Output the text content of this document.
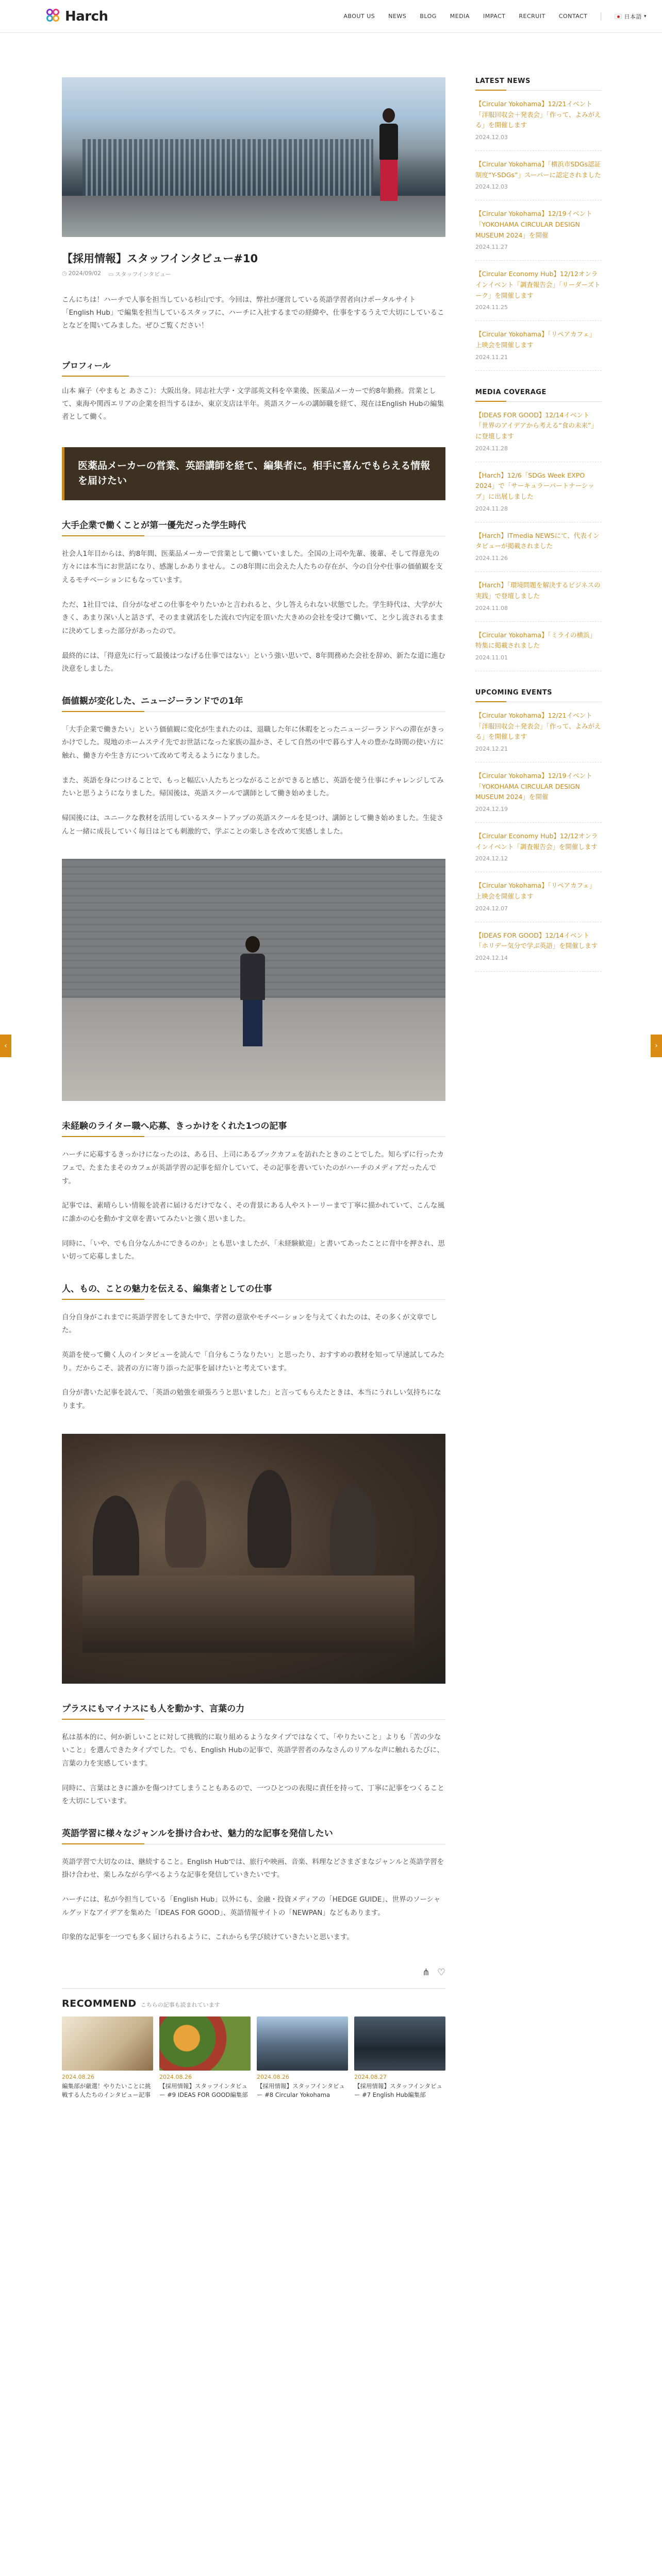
Harch	ABOUT US NEWS BLOG MEDIA IMPACT RECRUIT CONTACT	日本語 ▾
‹	›
【採用情報】スタッフインタビュー#10
◷ 2024/09/02 ▭ スタッフインタビュー

こんにちは！ハーチで人事を担当している杉山です。今回は、弊社が運営している英語学習者向けポータルサイト「English Hub」で編集を担当しているスタッフに、ハーチに入社するまでの経緯や、仕事をするうえで大切にしていることなどを聞いてみました。ぜひご覧ください！

プロフィール

山本 麻子（やまもと あさこ）：大阪出身。同志社大学・文学部英文科を卒業後、医薬品メーカーで約8年勤務。営業として、東海や関西エリアの企業を担当するほか、東京支店は半年。英語スクールの講師職を経て、現在はEnglish Hubの編集者として働く。

医薬品メーカーの営業、英語講師を経て、編集者に。相手に喜んでもらえる情報を届けたい
大手企業で働くことが第一優先だった学生時代

社会人1年目からは、約8年間、医薬品メーカーで営業として働いていました。全国の上司や先輩、後輩、そして得意先の方々には本当にお世話になり、感謝しかありません。この8年間に出会えた人たちの存在が、今の自分や仕事の価値観を支えるモチベーションにもなっています。

ただ、1社目では、自分がなぜこの仕事をやりたいかと言われると、少し答えられない状態でした。学生時代は、大学が大きく、あまり深い人と話さず、そのまま就活をした流れで内定を頂いた大きめの会社を受けて働いて、と少し流されるままに決めてしまった部分があったので。

最終的には、「得意先に行って最後はつなげる仕事ではない」という強い思いで、8年間務めた会社を辞め、新たな道に進む決意をしました。

価値観が変化した、ニュージーランドでの1年

「大手企業で働きたい」という価値観に変化が生まれたのは、退職した年に休暇をとったニュージーランドへの滞在がきっかけでした。現地のホームステイ先でお世話になった家族の温かさ、そして自然の中で暮らす人々の豊かな時間の使い方に触れ、働き方や生き方について改めて考えるようになりました。

また、英語を身につけることで、もっと幅広い人たちとつながることができると感じ、英語を使う仕事にチャレンジしてみたいと思うようになりました。帰国後は、英語スクールで講師として働き始めました。

帰国後には、ユニークな教材を活用しているスタートアップの英語スクールを見つけ、講師として働き始めました。生徒さんと一緒に成長していく毎日はとても刺激的で、学ぶことの楽しさを改めて実感しました。

未経験のライター職へ応募、きっかけをくれた1つの記事

ハーチに応募するきっかけになったのは、ある日、上司にあるブックカフェを訪れたときのことでした。知らずに行ったカフェで、たまたまそのカフェが英語学習の記事を紹介していて、その記事を書いていたのがハーチのメディアだったんです。

記事では、素晴らしい情報を読者に届けるだけでなく、その背景にある人やストーリーまで丁寧に描かれていて、こんな風に誰かの心を動かす文章を書いてみたいと強く思いました。

同時に、「いや、でも自分なんかにできるのか」とも思いましたが、「未経験歓迎」と書いてあったことに背中を押され、思い切って応募しました。

人、もの、ことの魅力を伝える、編集者としての仕事

自分自身がこれまでに英語学習をしてきた中で、学習の意欲やモチベーションを与えてくれたのは、その多くが文章でした。

英語を使って働く人のインタビューを読んで「自分もこうなりたい」と思ったり、おすすめの教材を知って早速試してみたり。だからこそ、読者の方に寄り添った記事を届けたいと考えています。

自分が書いた記事を読んで、「英語の勉強を頑張ろうと思いました」と言ってもらえたときは、本当にうれしい気持ちになります。

プラスにもマイナスにも人を動かす、言葉の力

私は基本的に、何か新しいことに対して挑戦的に取り組めるようなタイプではなくて、「やりたいこと」よりも「苦の少ないこと」を選んできたタイプでした。でも、English Hubの記事で、英語学習者のみなさんのリアルな声に触れるたびに、言葉の力を実感しています。

同時に、言葉はときに誰かを傷つけてしまうこともあるので、一つひとつの表現に責任を持って、丁寧に記事をつくることを大切にしています。

英語学習に様々なジャンルを掛け合わせ、魅力的な記事を発信したい

英語学習で大切なのは、継続すること。English Hubでは、旅行や映画、音楽、料理などさまざまなジャンルと英語学習を掛け合わせ、楽しみながら学べるような記事を発信していきたいです。

ハーチには、私が今担当している「English Hub」以外にも、金融・投資メディアの「HEDGE GUIDE」、世界のソーシャルグッドなアイデアを集めた「IDEAS FOR GOOD」、英語情報サイトの「NEWPAN」などもあります。

印象的な記事を一つでも多く届けられるように、これからも学び続けていきたいと思います。

⋔ ♡
RECOMMEND こちらの記事も読まれています
2024.08.26
編集部が厳選！やりたいことに挑戦する人たちのインタビュー記事
2024.08.26
【採用情報】スタッフインタビュー #9 IDEAS FOR GOOD編集部
2024.08.26
【採用情報】スタッフインタビュー #8 Circular Yokohama
2024.08.27
【採用情報】スタッフインタビュー #7 English Hub編集部
LATEST NEWS
【Circular Yokohama】12/21イベント「洋服回収会＋発表会」「作って、よみがえる」を開催します
2024.12.03
【Circular Yokohama】「横浜市SDGs認証制度“Y-SDGs”」スーパーに認定されました
2024.12.03
【Circular Yokohama】12/19イベント「YOKOHAMA CIRCULAR DESIGN MUSEUM 2024」を開催
2024.11.27
【Circular Economy Hub】12/12オンラインイベント「調査報告会」「リーダーズトーク」を開催します
2024.11.25
【Circular Yokohama】「リペアカフェ」上映会を開催します
2024.11.21
MEDIA COVERAGE
【IDEAS FOR GOOD】12/14イベント「世界のアイデアから考える“食の未来”」に登壇します
2024.11.28
【Harch】12/6「SDGs Week EXPO 2024」で「サーキュラーパートナーシップ」に出展しました
2024.11.28
【Harch】ITmedia NEWSにて、代表インタビューが掲載されました
2024.11.26
【Harch】「環境問題を解決するビジネスの実践」で登壇しました
2024.11.08
【Circular Yokohama】「ミライの横浜」特集に掲載されました
2024.11.01
UPCOMING EVENTS
【Circular Yokohama】12/21イベント「洋服回収会＋発表会」「作って、よみがえる」を開催します
2024.12.21
【Circular Yokohama】12/19イベント「YOKOHAMA CIRCULAR DESIGN MUSEUM 2024」を開催
2024.12.19
【Circular Economy Hub】12/12オンラインイベント「調査報告会」を開催します
2024.12.12
【Circular Yokohama】「リペアカフェ」上映会を開催します
2024.12.07
【IDEAS FOR GOOD】12/14イベント「ホリデー気分で学ぶ英語」を開催します
2024.12.14
